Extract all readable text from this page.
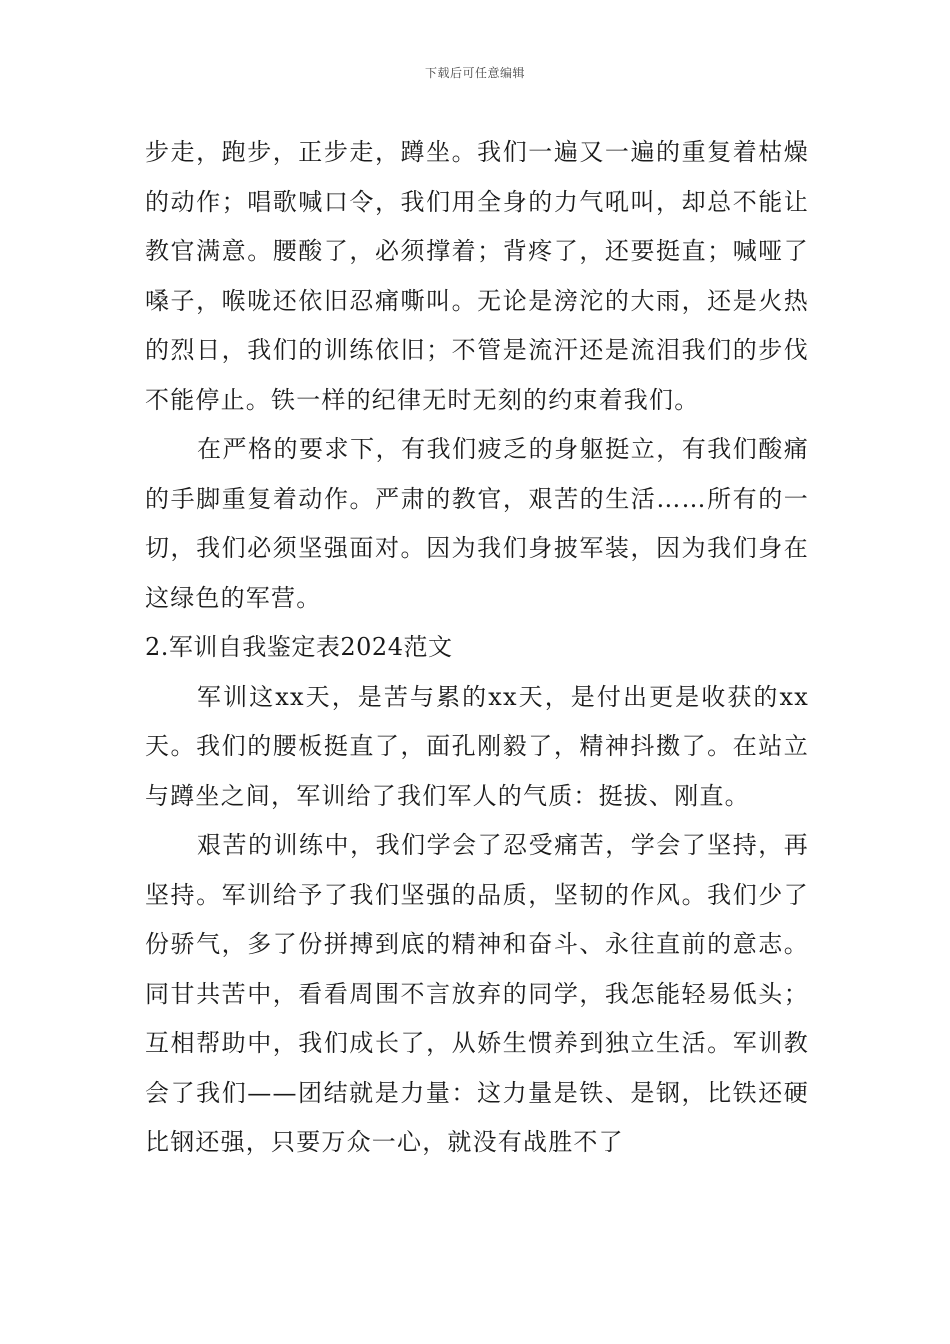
下载后可任意编辑

步走，跑步，正步走，蹲坐。我们一遍又一遍的重复着枯燥的动作；唱歌喊口令，我们用全身的力气吼叫，却总不能让教官满意。腰酸了，必须撑着；背疼了，还要挺直；喊哑了嗓子，喉咙还依旧忍痛嘶叫。无论是滂沱的大雨，还是火热的烈日，我们的训练依旧；不管是流汗还是流泪我们的步伐不能停止。铁一样的纪律无时无刻的约束着我们。

在严格的要求下，有我们疲乏的身躯挺立，有我们酸痛的手脚重复着动作。严肃的教官，艰苦的生活……所有的一切，我们必须坚强面对。因为我们身披军装，因为我们身在这绿色的军营。

2.军训自我鉴定表2024范文

军训这xx天，是苦与累的xx天，是付出更是收获的xx天。我们的腰板挺直了，面孔刚毅了，精神抖擞了。在站立与蹲坐之间，军训给了我们军人的气质：挺拔、刚直。

艰苦的训练中，我们学会了忍受痛苦，学会了坚持，再坚持。军训给予了我们坚强的品质，坚韧的作风。我们少了份骄气，多了份拼搏到底的精神和奋斗、永往直前的意志。同甘共苦中，看看周围不言放弃的同学，我怎能轻易低头；互相帮助中，我们成长了，从娇生惯养到独立生活。军训教会了我们——团结就是力量：这力量是铁、是钢，比铁还硬比钢还强，只要万众一心，就没有战胜不了
